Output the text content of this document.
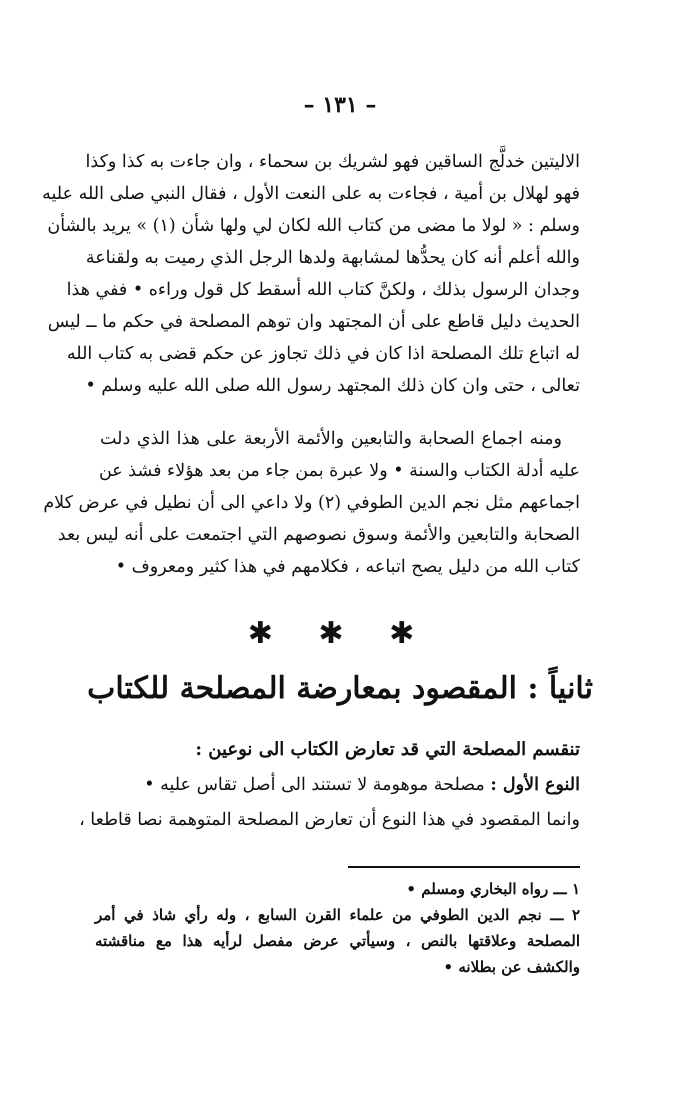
– ١٣١ –
الاليتين خدلَّج الساقين فهو لشريك بن سحماء ، وان جاءت به كذا وكذا
فهو لهلال بن أمية ، فجاءت به على النعت الأول ، فقال النبي صلى الله عليه
وسلم : « لولا ما مضى من كتاب الله لكان لي ولها شأن (١) » يريد بالشأن
والله أعلم أنه كان يحدُّها لمشابهة ولدها الرجل الذي رميت به ولقناعة
وجدان الرسول بذلك ، ولكنَّ كتاب الله أسقط كل قول وراءه • ففي هذا
الحديث دليل قاطع على أن المجتهد وان توهم المصلحة في حكم ما ــ ليس
له اتباع تلك المصلحة اذا كان في ذلك تجاوز عن حكم قضى به كتاب الله
تعالى ، حتى وان كان ذلك المجتهد رسول الله صلى الله عليه وسلم •
ومنه اجماع الصحابة والتابعين والأئمة الأربعة على هذا الذي دلت
عليه أدلة الكتاب والسنة • ولا عبرة بمن جاء من بعد هؤلاء فشذ عن
اجماعهم مثل نجم الدين الطوفي (٢) ولا داعي الى أن نطيل في عرض كلام
الصحابة والتابعين والأئمة وسوق نصوصهم التي اجتمعت على أنه ليس بعد
كتاب الله من دليل يصح اتباعه ، فكلامهم في هذا كثير ومعروف •
✱ ✱ ✱
ثانياً : المقصود بمعارضة المصلحة للكتاب
تنقسم المصلحة التي قد تعارض الكتاب الى نوعين :
النوع الأول : مصلحة موهومة لا تستند الى أصل تقاس عليه •
وانما المقصود في هذا النوع أن تعارض المصلحة المتوهمة نصا قاطعا ،
١ ـــ رواه البخاري ومسلم •
٢ ـــ نجم الدين الطوفي من علماء القرن السابع ، وله رأي شاذ في أمر
المصلحة وعلاقتها بالنص ، وسيأتي عرض مفصل لرأيه هذا مع مناقشته
والكشف عن بطلانه •
